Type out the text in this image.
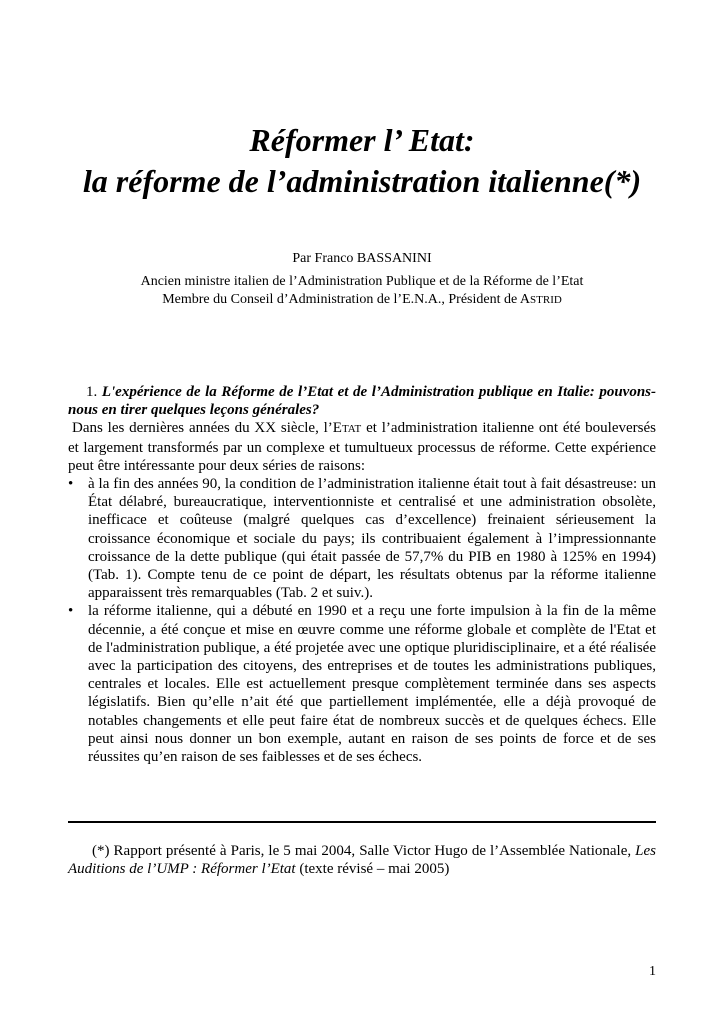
Réformer l’ Etat:
la réforme de l’administration italienne(*)
Par Franco BASSANINI
Ancien ministre italien de l’Administration Publique et de la Réforme de l’Etat
Membre du Conseil d’Administration de l’E.N.A., Président de ASTRID
1. L'expérience de la Réforme de l’Etat et de l’Administration publique en Italie: pouvons-nous en tirer quelques leçons générales?
Dans les dernières années du XX siècle, l’ETAT et l’administration italienne ont été bouleversés et largement transformés par un complexe et tumultueux processus de réforme. Cette expérience peut être intéressante pour deux séries de raisons:
• à la fin des années 90, la condition de l’administration italienne était tout à fait désastreuse: un État délabré, bureaucratique, interventionniste et centralisé et une administration obsolète, inefficace et coûteuse (malgré quelques cas d’excellence) freinaient sérieusement la croissance économique et sociale du pays; ils contribuaient également à l’impressionnante croissance de la dette publique (qui était passée de 57,7% du PIB en 1980 à 125% en 1994) (Tab. 1). Compte tenu de ce point de départ, les résultats obtenus par la réforme italienne apparaissent très remarquables (Tab. 2 et suiv.).
• la réforme italienne, qui a débuté en 1990 et a reçu une forte impulsion à la fin de la même décennie, a été conçue et mise en œuvre comme une réforme globale et complète de l'Etat et de l'administration publique, a été projetée avec une optique pluridisciplinaire, et a été réalisée avec la participation des citoyens, des entreprises et de toutes les administrations publiques, centrales et locales. Elle est actuellement presque complètement terminée dans ses aspects législatifs. Bien qu’elle n’ait été que partiellement implémentée, elle a déjà provoqué de notables changements et elle peut faire état de nombreux succès et de quelques échecs. Elle peut ainsi nous donner un bon exemple, autant en raison de ses points de force et de ses réussites qu’en raison de ses faiblesses et de ses échecs.
(*) Rapport présenté à Paris, le 5 mai 2004, Salle Victor Hugo de l’Assemblée Nationale, Les Auditions de l’UMP : Réformer l’Etat (texte révisé – mai 2005)
1
